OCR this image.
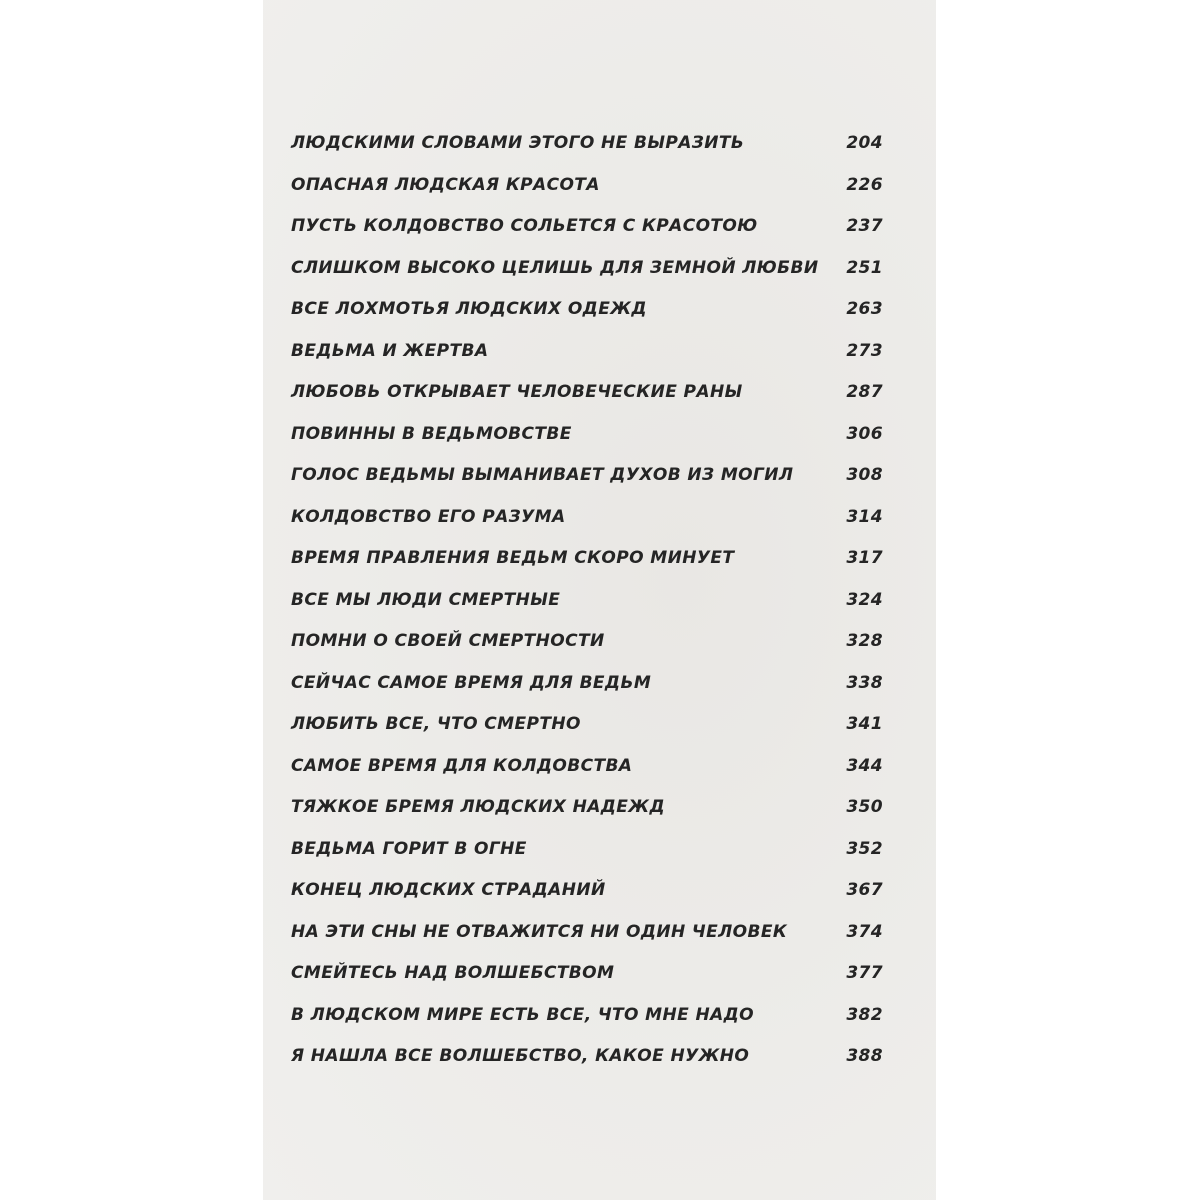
ЛЮДСКИМИ СЛОВАМИ ЭТОГО НЕ ВЫРАЗИТЬ	204
ОПАСНАЯ ЛЮДСКАЯ КРАСОТА	226
ПУСТЬ КОЛДОВСТВО СОЛЬЕТСЯ С КРАСОТОЮ	237
СЛИШКОМ ВЫСОКО ЦЕЛИШЬ ДЛЯ ЗЕМНОЙ ЛЮБВИ	251
ВСЕ ЛОХМОТЬЯ ЛЮДСКИХ ОДЕЖД	263
ВЕДЬМА И ЖЕРТВА	273
ЛЮБОВЬ ОТКРЫВАЕТ ЧЕЛОВЕЧЕСКИЕ РАНЫ	287
ПОВИННЫ В ВЕДЬМОВСТВЕ	306
ГОЛОС ВЕДЬМЫ ВЫМАНИВАЕТ ДУХОВ ИЗ МОГИЛ	308
КОЛДОВСТВО ЕГО РАЗУМА	314
ВРЕМЯ ПРАВЛЕНИЯ ВЕДЬМ СКОРО МИНУЕТ	317
ВСЕ МЫ ЛЮДИ СМЕРТНЫЕ	324
ПОМНИ О СВОЕЙ СМЕРТНОСТИ	328
СЕЙЧАС САМОЕ ВРЕМЯ ДЛЯ ВЕДЬМ	338
ЛЮБИТЬ ВСЕ, ЧТО СМЕРТНО	341
САМОЕ ВРЕМЯ ДЛЯ КОЛДОВСТВА	344
ТЯЖКОЕ БРЕМЯ ЛЮДСКИХ НАДЕЖД	350
ВЕДЬМА ГОРИТ В ОГНЕ	352
КОНЕЦ ЛЮДСКИХ СТРАДАНИЙ	367
НА ЭТИ СНЫ НЕ ОТВАЖИТСЯ НИ ОДИН ЧЕЛОВЕК	374
СМЕЙТЕСЬ НАД ВОЛШЕБСТВОМ	377
В ЛЮДСКОМ МИРЕ ЕСТЬ ВСЕ, ЧТО МНЕ НАДО	382
Я НАШЛА ВСЕ ВОЛШЕБСТВО, КАКОЕ НУЖНО	388
